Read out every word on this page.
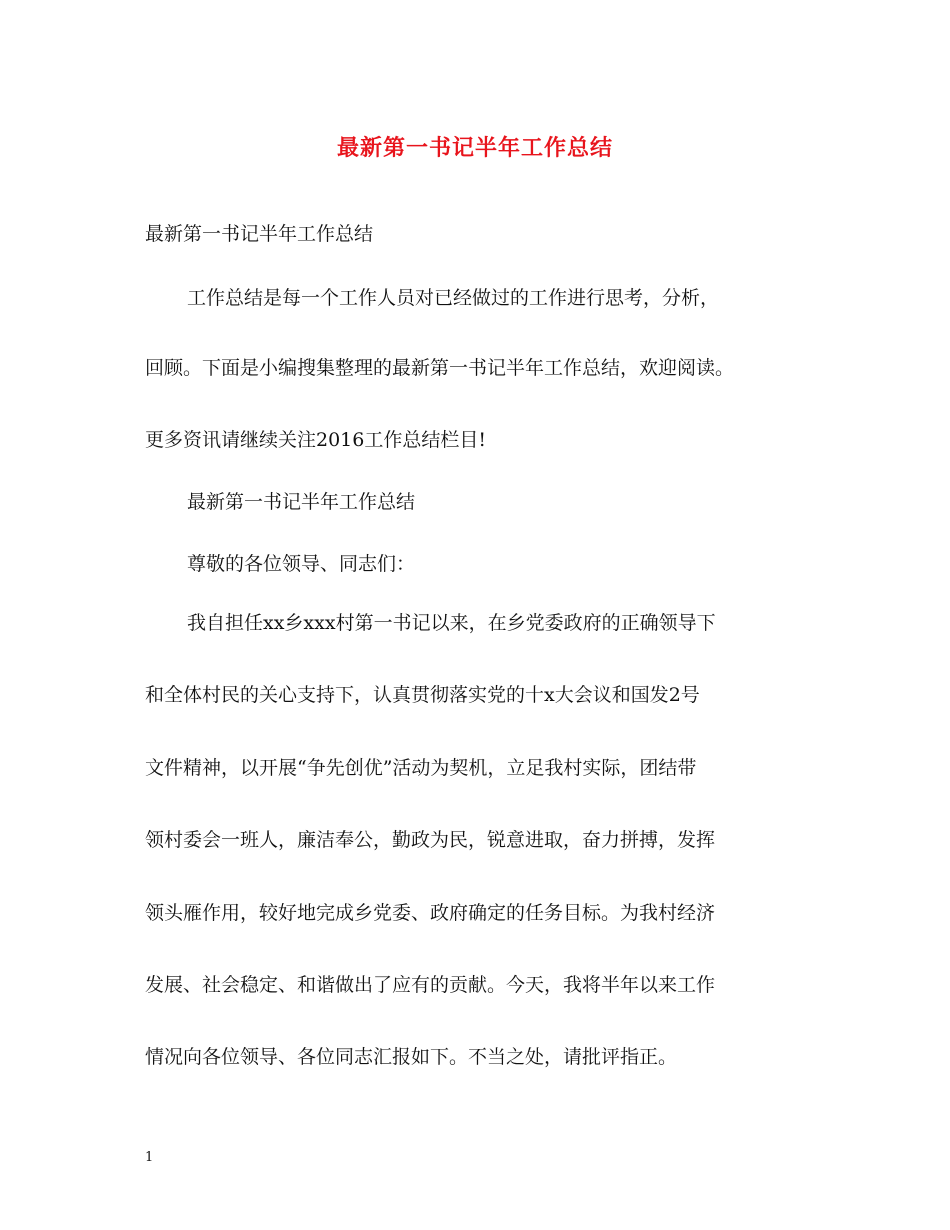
最新第一书记半年工作总结
最新第一书记半年工作总结
工作总结是每一个工作人员对已经做过的工作进行思考，分析，
回顾。下面是小编搜集整理的最新第一书记半年工作总结，欢迎阅读。
更多资讯请继续关注2016工作总结栏目!
最新第一书记半年工作总结
尊敬的各位领导、同志们：
我自担任xx乡xxx村第一书记以来，在乡党委政府的正确领导下
和全体村民的关心支持下，认真贯彻落实党的十x大会议和国发2号
文件精神，以开展“争先创优”活动为契机，立足我村实际，团结带
领村委会一班人，廉洁奉公，勤政为民，锐意进取，奋力拼搏，发挥
领头雁作用，较好地完成乡党委、政府确定的任务目标。为我村经济
发展、社会稳定、和谐做出了应有的贡献。今天，我将半年以来工作
情况向各位领导、各位同志汇报如下。不当之处，请批评指正。
1
